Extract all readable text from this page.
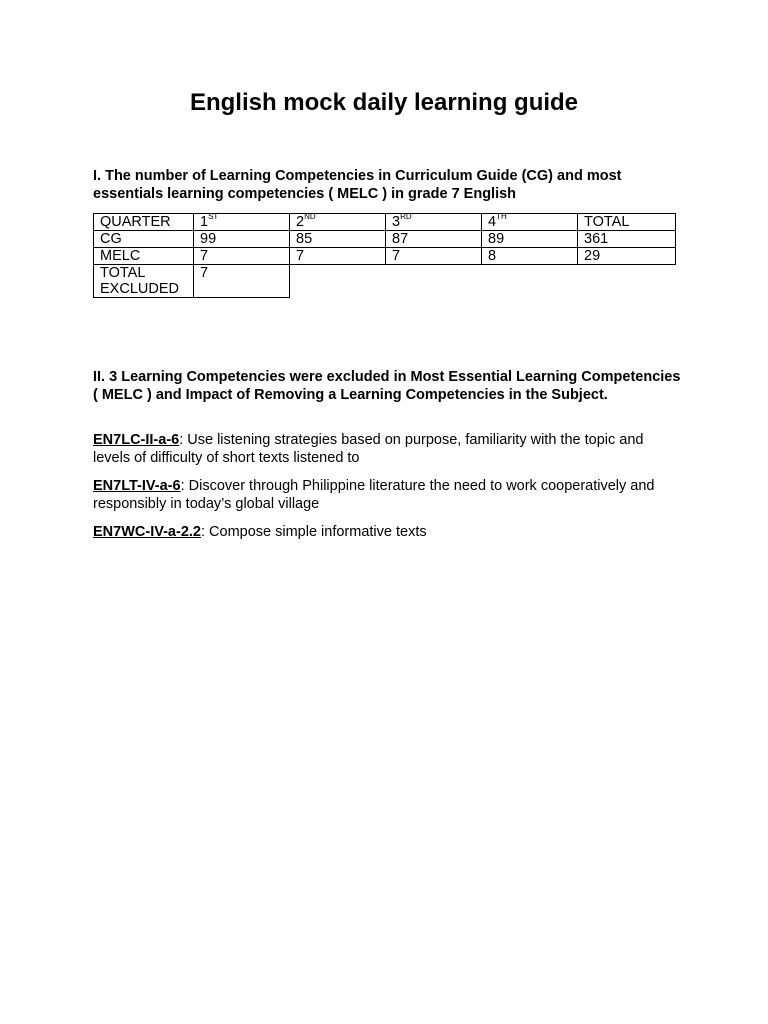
English mock daily learning guide
I. The number of Learning Competencies in Curriculum Guide (CG) and most essentials learning competencies ( MELC ) in grade 7 English
QUARTER	$1^{ST`}$	2ND	3RD	4TH	TOTAL
CG	99	85	87	89	361
MELC	7	7	7	8	29
TOTAL
EXCLUDED	7				
II. 3 Learning Competencies were excluded in Most Essential Learning Competencies ( MELC ) and Impact of Removing a Learning Competencies in the Subject.
EN7LC-II-a-6: Use listening strategies based on purpose, familiarity with the topic and levels of difficulty of short texts listened to
EN7LT-IV-a-6: Discover through Philippine literature the need to work cooperatively and responsibly in today’s global village
EN7WC-IV-a-2.2: Compose simple informative texts
